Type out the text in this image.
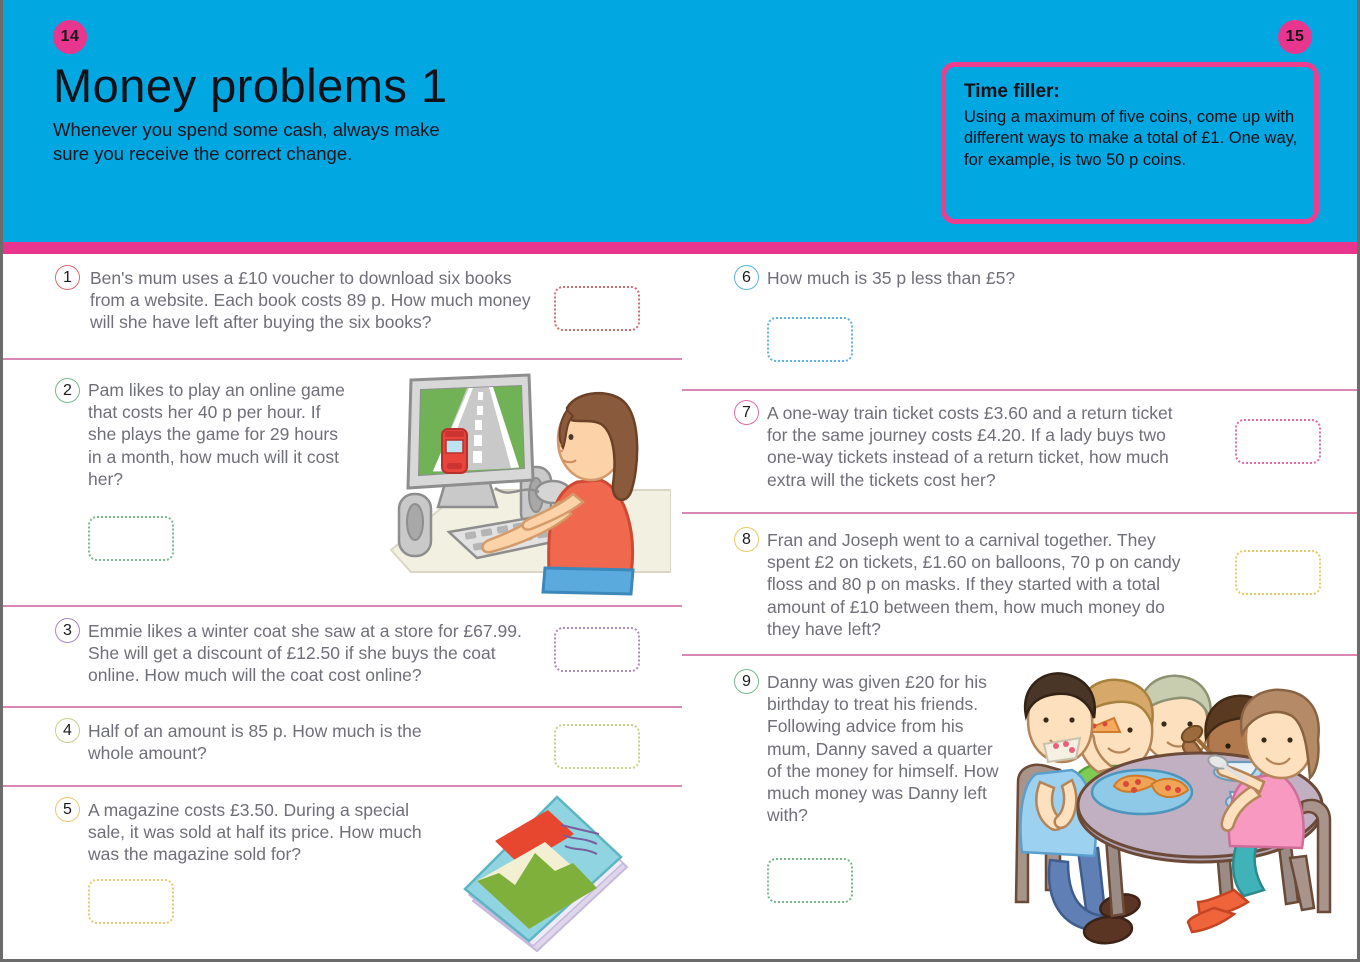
14	15
Money problems 1
Whenever you spend some cash, always make sure you receive the correct change.
Time filler:
Using a maximum of five coins, come up with different ways to make a total of £1. One way, for example, is two 50 p coins.
1	Ben's mum uses a £10 voucher to download six books from a website. Each book costs 89 p. How much money will she have left after buying the six books?
2 Pam likes to play an online game that costs her 40 p per hour. If she plays the game for 29 hours in a month, how much will it cost her?
3 Emmie likes a winter coat she saw at a store for £67.99. She will get a discount of £12.50 if she buys the coat online. How much will the coat cost online?
4 Half of an amount is 85 p. How much is the whole amount?
5 A magazine costs £3.50. During a special sale, it was sold at half its price. How much was the magazine sold for?
6 How much is 35 p less than £5?
7 A one-way train ticket costs £3.60 and a return ticket for the same journey costs £4.20. If a lady buys two one-way tickets instead of a return ticket, how much extra will the tickets cost her?
8 Fran and Joseph went to a carnival together. They spent £2 on tickets, £1.60 on balloons, 70 p on candy floss and 80 p on masks. If they started with a total amount of £10 between them, how much money do they have left?
9 Danny was given £20 for his birthday to treat his friends. Following advice from his mum, Danny saved a quarter of the money for himself. How much money was Danny left with?
